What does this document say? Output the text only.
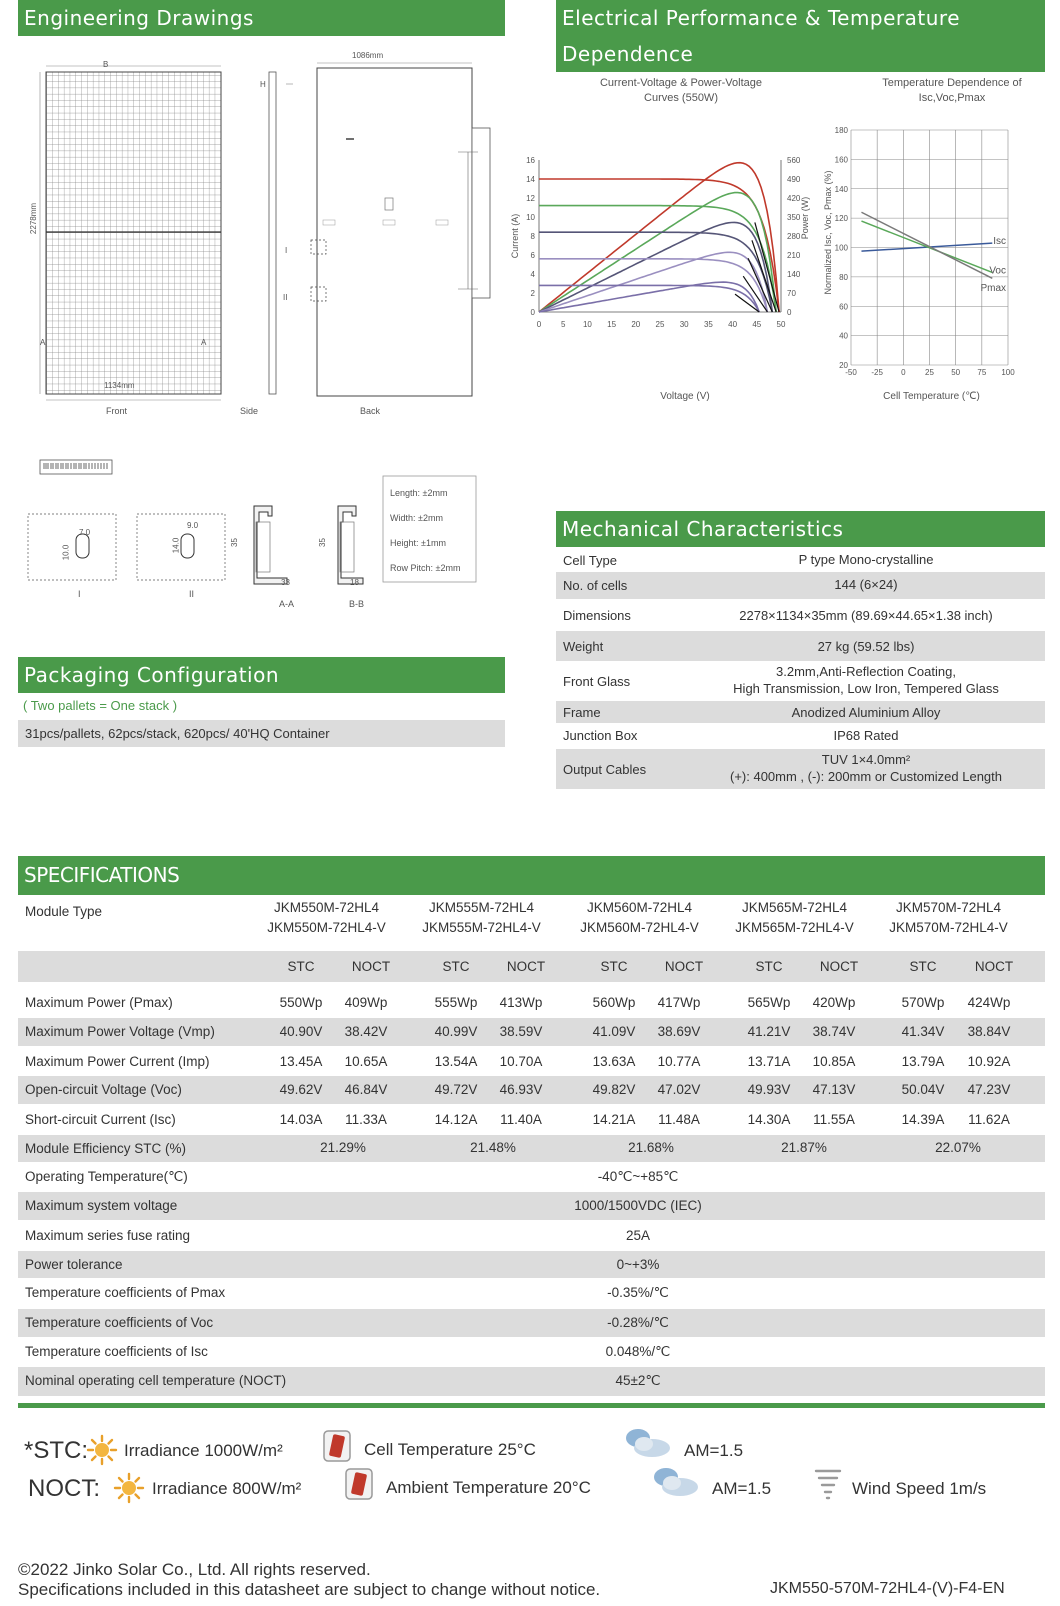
Engineering Drawings	Electrical Performance & Temperature Dependence
1086mm
B
A	A
H
I
II
2278mm
1134mm
Front	Side	Back
7.0
10.0
9.0
14.0	35	35
33	18
I	II
A-A	B-B
Length: ±2mm
Width: ±2mm
Height: ±1mm
Row Pitch: ±2mm
Current-Voltage & Power-Voltage Curves (550W)
0
2
4
6
8
10
12
14
16
0
70
140
210
280
350
420
490
560
0 5 10 15 20 25 30 35 40 45 50
Current (A)	Power (W)
Voltage (V)
Temperature Dependence of Isc,Voc,Pmax
20
40
60
80
100
120
140
160
180
-50 -25 0 25 50 75 100
Normalized Isc, Voc, Pmax (%)
Cell Temperature (℃)
Isc
Voc
Pmax
Mechanical Characteristics
Cell Type	P type Mono-crystalline
No. of cells	144 (6×24)
Dimensions	2278×1134×35mm (89.69×44.65×1.38 inch)
Weight	27 kg (59.52 lbs)
Front Glass
3.2mm,Anti-Reflection Coating,
High Transmission, Low Iron, Tempered Glass
Frame	Anodized Aluminium Alloy
Junction Box	IP68 Rated
Output Cables
TUV 1×4.0mm²
(+): 400mm , (-): 200mm or Customized Length
Packaging Configuration
( Two pallets = One stack )
31pcs/pallets, 62pcs/stack, 620pcs/ 40'HQ Container
SPECIFICATIONS
Module Type	JKM550M-72HL4
JKM550M-72HL4-V
JKM555M-72HL4
JKM555M-72HL4-V
JKM560M-72HL4
JKM560M-72HL4-V
JKM565M-72HL4
JKM565M-72HL4-V
JKM570M-72HL4
JKM570M-72HL4-V
STC	NOCT	STC	NOCT	STC	NOCT	STC	NOCT	STC	NOCT
Maximum Power (Pmax)	550Wp	409Wp	555Wp	413Wp	560Wp	417Wp	565Wp	420Wp	570Wp	424Wp
Maximum Power Voltage (Vmp)	40.90V	38.42V	40.99V	38.59V	41.09V	38.69V	41.21V	38.74V	41.34V	38.84V
Maximum Power Current (Imp)	13.45A	10.65A	13.54A	10.70A	13.63A	10.77A	13.71A	10.85A	13.79A	10.92A
Open-circuit Voltage (Voc)	49.62V	46.84V	49.72V	46.93V	49.82V	47.02V	49.93V	47.13V	50.04V	47.23V
Short-circuit Current (Isc)	14.03A	11.33A	14.12A	11.40A	14.21A	11.48A	14.30A	11.55A	14.39A	11.62A
Module Efficiency STC (%)	21.29%	21.48%	21.68%	21.87%	22.07%
Operating Temperature(℃)	-40℃~+85℃
Maximum system voltage	1000/1500VDC (IEC)
Maximum series fuse rating	25A
Power tolerance	0~+3%
Temperature coefficients of Pmax	-0.35%/℃
Temperature coefficients of Voc	-0.28%/℃
Temperature coefficients of Isc	0.048%/℃
Nominal operating cell temperature (NOCT)	45±2℃
*STC:
NOCT:
Irradiance 1000W/m²	Cell Temperature 25°C	AM=1.5
Irradiance 800W/m²	Ambient Temperature 20°C	AM=1.5	Wind Speed 1m/s
©2022 Jinko Solar Co., Ltd. All rights reserved.
Specifications included in this datasheet are subject to change without notice.	JKM550-570M-72HL4-(V)-F4-EN
